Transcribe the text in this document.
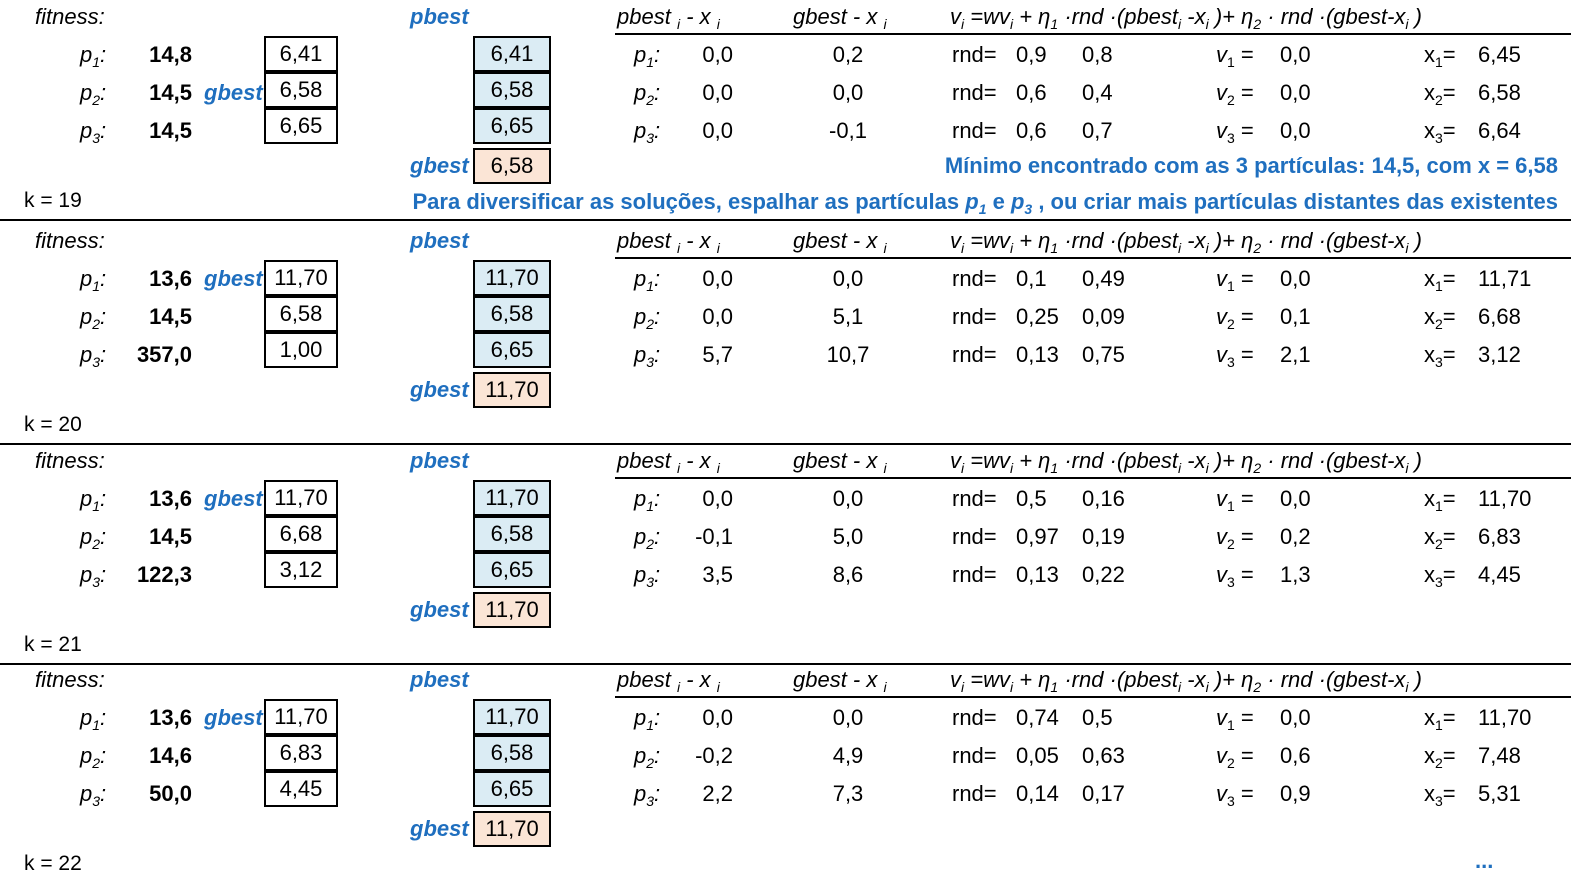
fitness:	pbest	pbest $_i$ - x $_i$	gbest - x $_i$	$v_i =wv_i + \eta_1 \cdot rnd$ ·(pbest$_i$ $-x_i$ )+ $\eta_2$ · rnd $\cdot(gbest-x_i$ )
$p_1$:	14,8	6,41	6,41	$p_1$:	0,0	0,2	rnd= 0,9 0,8	$v_1 = 0,0$	$x_1= 6,45$
$p_2$:	14,5 gbest 6,58	6,58	$p_2$:	0,0	0,0	rnd= 0,6 0,4	$v_2 = 0,0$	$x_2= 6,58$
$p_3$:	14,5	6,65	6,65	$p_3$:	0,0	-0,1	rnd= 0,6 0,7	$v_3 = 0,0$	$x_3= 6,64$
gbest 6,58
k = 19
fitness:	pbest	pbest $_i$ - x $_i$	gbest - x $_i$	$v_i =wv_i + \eta_1 \cdot rnd$ ·(pbest$_i$ $-x_i$ )+ $\eta_2$ · rnd $\cdot(gbest-x_i$ )
$p_1$:	13,6 gbest 11,70	11,70	$p_1$:	0,0	0,0	rnd= 0,1 0,49	$v_1 = 0,0$	$x_1= 11,71$
$p_2$:	14,5	6,58	6,58	$p_2$:	0,0	5,1	rnd= 0,25 0,09	$v_2 = 0,1$	$x_2= 6,68$
$p_3$:	357,0	1,00	6,65	$p_3$:	5,7	10,7	rnd= 0,13 0,75	$v_3 = 2,1$	$x_3= 3,12$
gbest 11,70
k = 20
fitness:	pbest	pbest $_i$ - x $_i$	gbest - x $_i$	$v_i =wv_i + \eta_1 \cdot rnd$ ·(pbest$_i$ $-x_i$ )+ $\eta_2$ · rnd $\cdot(gbest-x_i$ )
$p_1$:	13,6 gbest 11,70	11,70	$p_1$:	0,0	0,0	rnd= 0,5 0,16	$v_1 = 0,0$	$x_1= 11,70$
$p_2$:	14,5	6,68	6,58	$p_2$:	-0,1	5,0	rnd= 0,97 0,19	$v_2 = 0,2$	$x_2= 6,83$
$p_3$:	122,3	3,12	6,65	$p_3$:	3,5	8,6	rnd= 0,13 0,22	$v_3 = 1,3$	$x_3= 4,45$
gbest 11,70
k = 21
fitness:	pbest	pbest $_i$ - x $_i$	gbest - x $_i$	$v_i =wv_i + \eta_1 \cdot rnd$ ·(pbest$_i$ $-x_i$ )+ $\eta_2$ · rnd $\cdot(gbest-x_i$ )
$p_1$:	13,6 gbest 11,70	11,70	$p_1$:	0,0	0,0	rnd= 0,74 0,5	$v_1 = 0,0$	$x_1= 11,70$
$p_2$:	14,6	6,83	6,58	$p_2$:	-0,2	4,9	rnd= 0,05 0,63	$v_2 = 0,6$	$x_2= 7,48$
$p_3$:	50,0	4,45	6,65	$p_3$:	2,2	7,3	rnd= 0,14 0,17	$v_3 = 0,9$	$x_3= 5,31$
gbest 11,70
k = 22
Mínimo encontrado com as 3 partículas: 14,5, com x = 6,58
Para diversificar as soluções, espalhar as partículas $p_1$ e $p_3$ , ou criar mais partículas distantes das existentes
...
